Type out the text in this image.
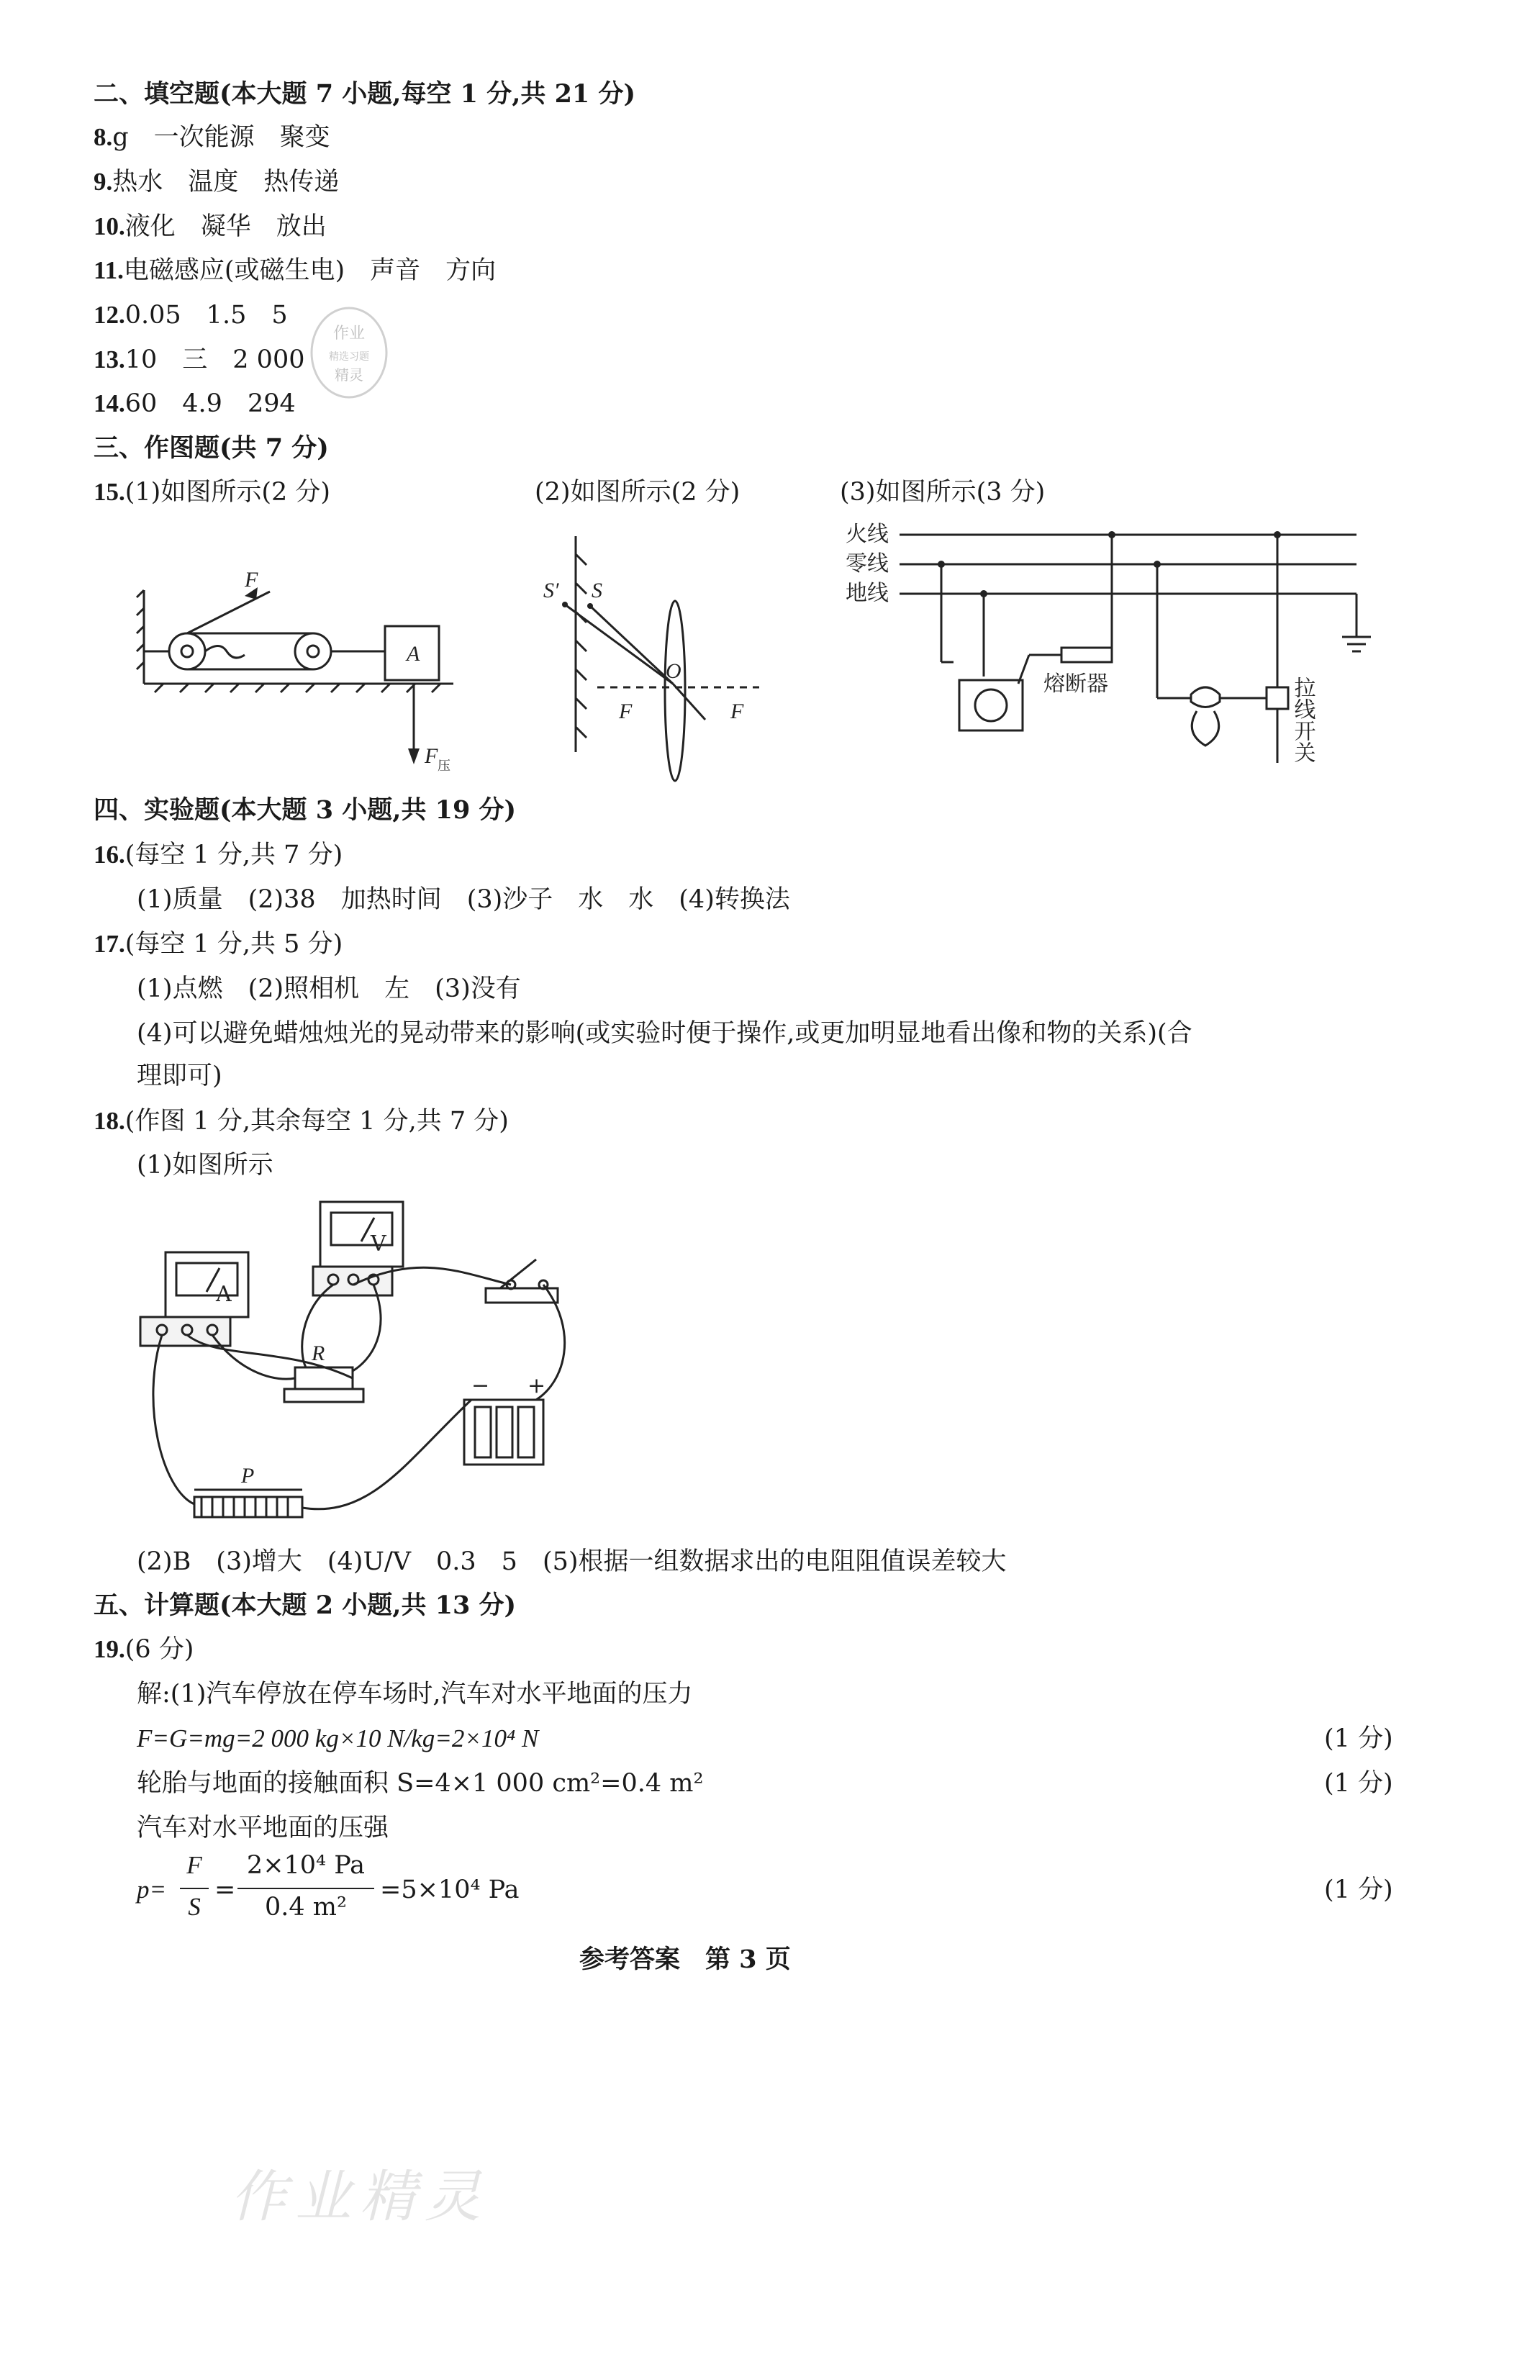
二、填空题(本大题 7 小题,每空 1 分,共 21 分)
8.g　一次能源　聚变
9.热水　温度　热传递
10.液化　凝华　放出
11.电磁感应(或磁生电)　声音　方向
12.0.05　1.5　5
13.10　三　2 000
14.60　4.9　294
作业
精选习题
精灵
三、作图题(共 7 分)
15.(1)如图所示(2 分)	(2)如图所示(2 分)	(3)如图所示(3 分)
F
A
F 压
S′ S
O
F	F
火线
零线
地线
熔断器	拉线开关
四、实验题(本大题 3 小题,共 19 分)
16.(每空 1 分,共 7 分)
(1)质量　(2)38　加热时间　(3)沙子　水　水　(4)转换法
17.(每空 1 分,共 5 分)
(1)点燃　(2)照相机　左　(3)没有
(4)可以避免蜡烛烛光的晃动带来的影响(或实验时便于操作,或更加明显地看出像和物的关系)(合
理即可)
18.(作图 1 分,其余每空 1 分,共 7 分)
(1)如图所示
A
V
R
P
− +
(2)B　(3)增大　(4)U/V　0.3　5　(5)根据一组数据求出的电阻阻值误差较大
五、计算题(本大题 2 小题,共 13 分)
19.(6 分)
解:(1)汽车停放在停车场时,汽车对水平地面的压力
F=G=mg=2 000 kg×10 N/kg=2×10⁴ N	(1 分)
轮胎与地面的接触面积 S=4×1 000 cm²=0.4 m²	(1 分)
汽车对水平地面的压强
p=
F
S
=
2×10⁴ Pa
0.4 m²
=5×10⁴ Pa	(1 分)
参考答案　第 3 页
作业精灵
